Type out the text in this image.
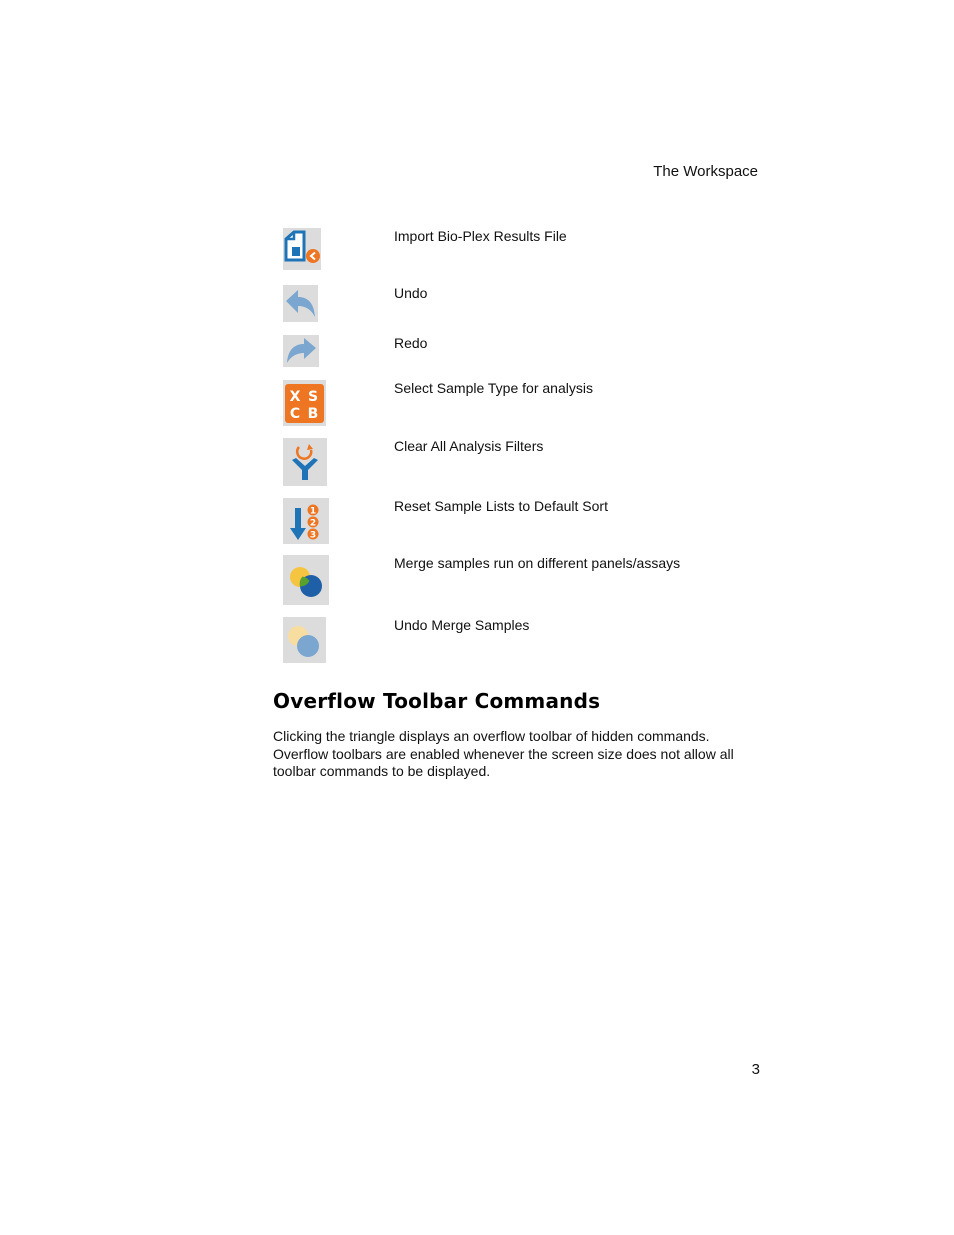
The Workspace
Import Bio-Plex Results File
Undo
Redo
X S
C B
Select Sample Type for analysis
Clear All Analysis Filters
1
2
3
Reset Sample Lists to Default Sort
Merge samples run on different panels/assays
Undo Merge Samples
Overflow Toolbar Commands

Clicking the triangle displays an overflow toolbar of hidden commands. Overflow toolbars are enabled whenever the screen size does not allow all toolbar commands to be displayed.

3
